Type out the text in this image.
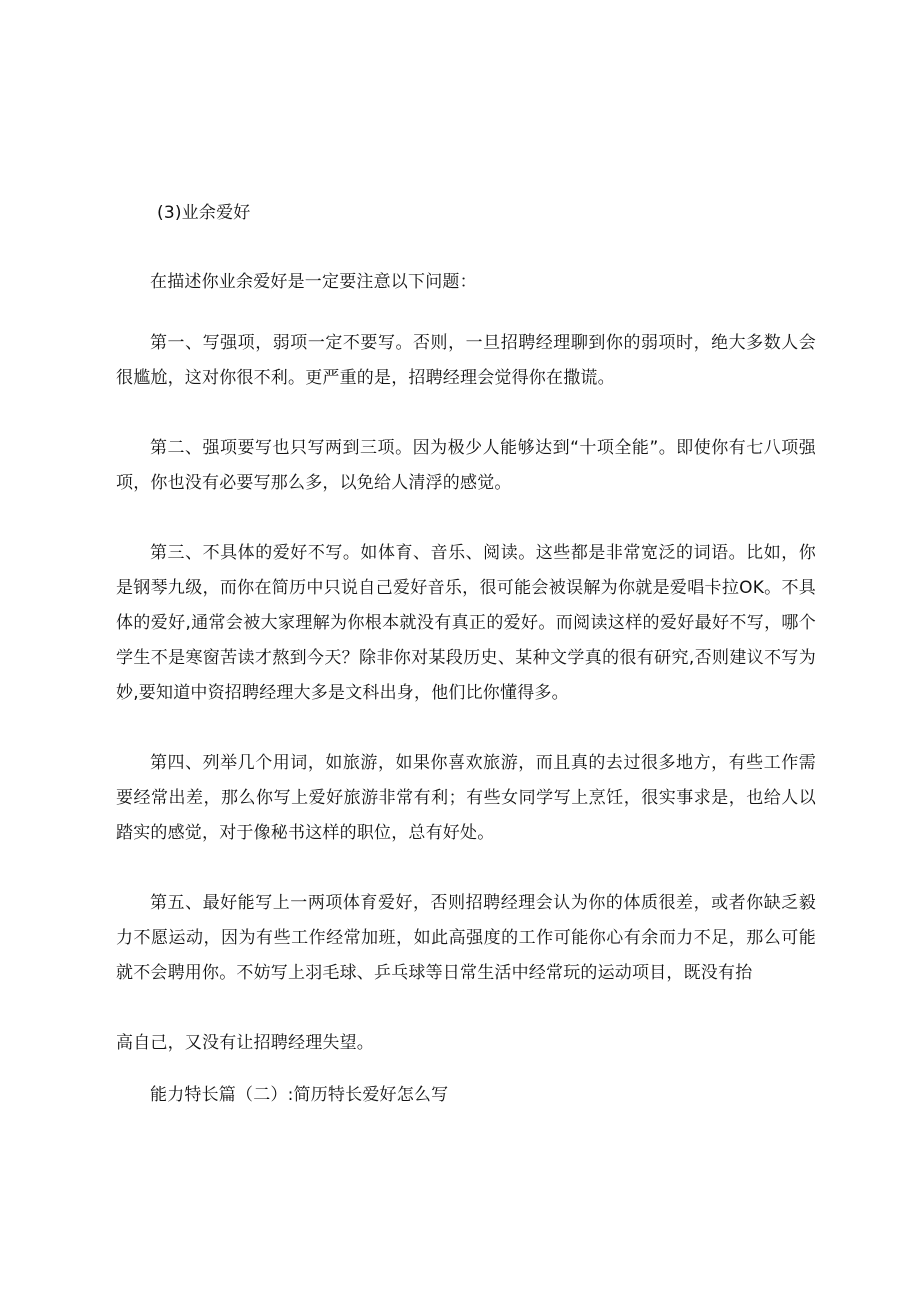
(3)业余爱好

在描述你业余爱好是一定要注意以下问题：

第一、写强项，弱项一定不要写。否则，一旦招聘经理聊到你的弱项时，绝大多数人会很尴尬，这对你很不利。更严重的是，招聘经理会觉得你在撒谎。

第二、强项要写也只写两到三项。因为极少人能够达到“十项全能”。即使你有七八项强项，你也没有必要写那么多，以免给人清浮的感觉。

第三、不具体的爱好不写。如体育、音乐、阅读。这些都是非常宽泛的词语。比如，你是钢琴九级，而你在简历中只说自己爱好音乐，很可能会被误解为你就是爱唱卡拉OK。不具体的爱好,通常会被大家理解为你根本就没有真正的爱好。而阅读这样的爱好最好不写，哪个学生不是寒窗苦读才熬到今天？除非你对某段历史、某种文学真的很有研究,否则建议不写为妙,要知道中资招聘经理大多是文科出身，他们比你懂得多。

第四、列举几个用词，如旅游，如果你喜欢旅游，而且真的去过很多地方，有些工作需要经常出差，那么你写上爱好旅游非常有利；有些女同学写上烹饪，很实事求是，也给人以踏实的感觉，对于像秘书这样的职位，总有好处。

第五、最好能写上一两项体育爱好，否则招聘经理会认为你的体质很差，或者你缺乏毅力不愿运动，因为有些工作经常加班，如此高强度的工作可能你心有余而力不足，那么可能就不会聘用你。不妨写上羽毛球、乒乓球等日常生活中经常玩的运动项目，既没有抬

高自己，又没有让招聘经理失望。

能力特长篇（二）:简历特长爱好怎么写
